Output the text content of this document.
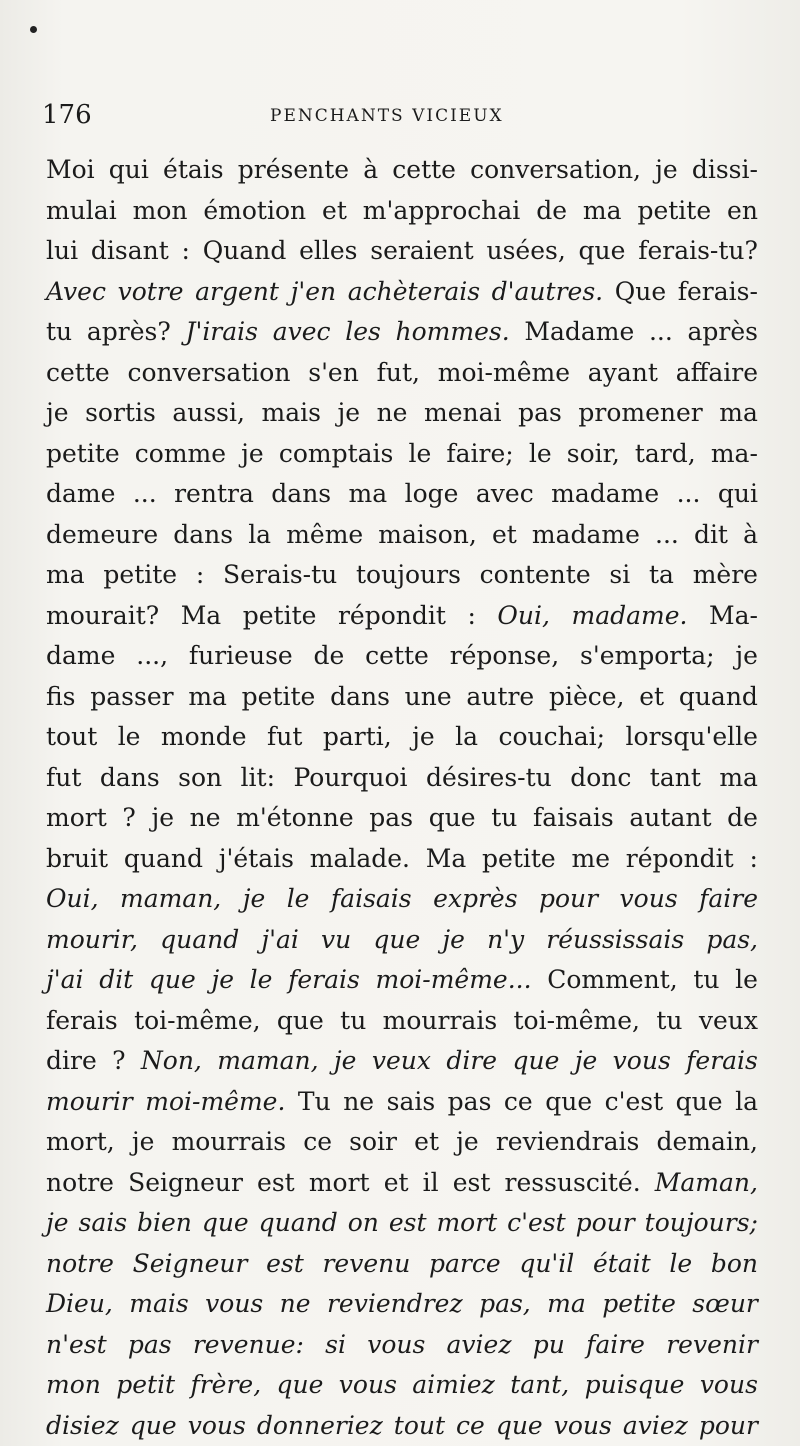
176	PENCHANTS VICIEUX
Moi qui étais présente à cette conversation, je dissi-
mulai mon émotion et m'approchai de ma petite en
lui disant : Quand elles seraient usées, que ferais-tu?
Avec votre argent j'en achèterais d'autres. Que ferais-
tu après? J'irais avec les hommes. Madame ... après
cette conversation s'en fut, moi-même ayant affaire
je sortis aussi, mais je ne menai pas promener ma
petite comme je comptais le faire; le soir, tard, ma-
dame ... rentra dans ma loge avec madame ... qui
demeure dans la même maison, et madame ... dit à
ma petite : Serais-tu toujours contente si ta mère
mourait? Ma petite répondit : Oui, madame. Ma-
dame ..., furieuse de cette réponse, s'emporta; je
fis passer ma petite dans une autre pièce, et quand
tout le monde fut parti, je la couchai; lorsqu'elle
fut dans son lit: Pourquoi désires-tu donc tant ma
mort ? je ne m'étonne pas que tu faisais autant de
bruit quand j'étais malade. Ma petite me répondit :
Oui, maman, je le faisais exprès pour vous faire
mourir, quand j'ai vu que je n'y réussissais pas,
j'ai dit que je le ferais moi-même... Comment, tu le
ferais toi-même, que tu mourrais toi-même, tu veux
dire ? Non, maman, je veux dire que je vous ferais
mourir moi-même. Tu ne sais pas ce que c'est que la
mort, je mourrais ce soir et je reviendrais demain,
notre Seigneur est mort et il est ressuscité. Maman,
je sais bien que quand on est mort c'est pour toujours;
notre Seigneur est revenu parce qu'il était le bon
Dieu, mais vous ne reviendrez pas, ma petite sœur
n'est pas revenue: si vous aviez pu faire revenir
mon petit frère, que vous aimiez tant, puisque vous
disiez que vous donneriez tout ce que vous aviez pour
